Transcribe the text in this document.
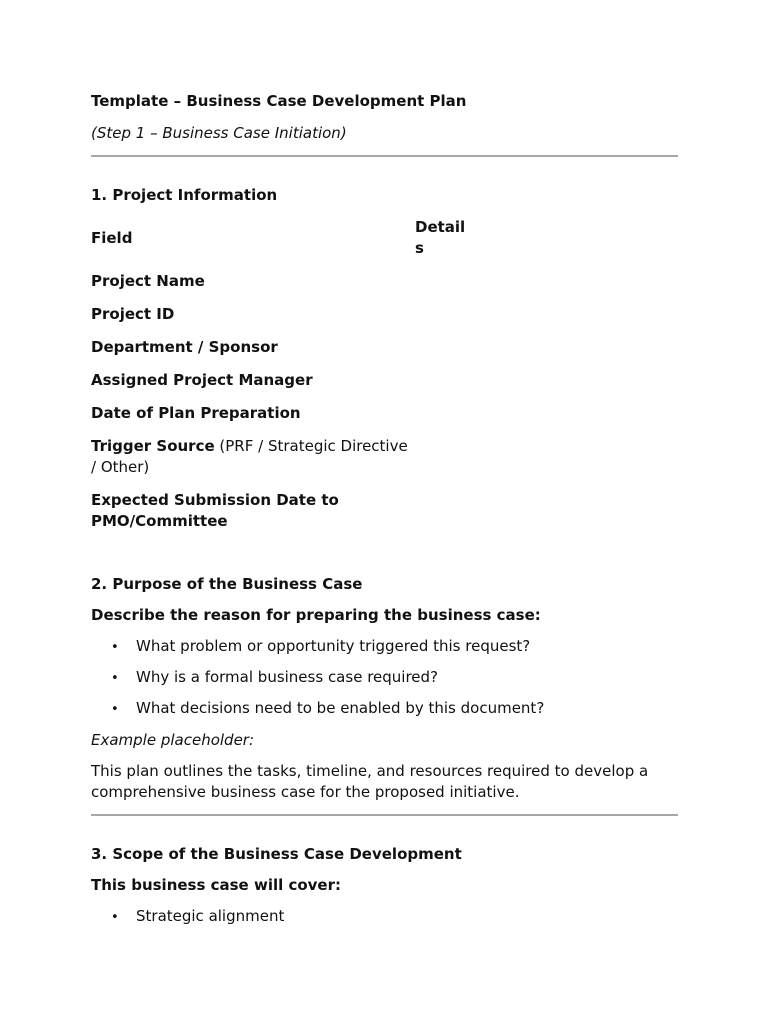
Template – Business Case Development Plan
(Step 1 – Business Case Initiation)
1. Project Information
Field
Detail
s
Project Name
Project ID
Department / Sponsor
Assigned Project Manager
Date of Plan Preparation
Trigger Source (PRF / Strategic Directive
/ Other)
Expected Submission Date to
PMO/Committee
2. Purpose of the Business Case
Describe the reason for preparing the business case:
• What problem or opportunity triggered this request?
• Why is a formal business case required?
• What decisions need to be enabled by this document?
Example placeholder:
This plan outlines the tasks, timeline, and resources required to develop a
comprehensive business case for the proposed initiative.
3. Scope of the Business Case Development
This business case will cover:
• Strategic alignment
